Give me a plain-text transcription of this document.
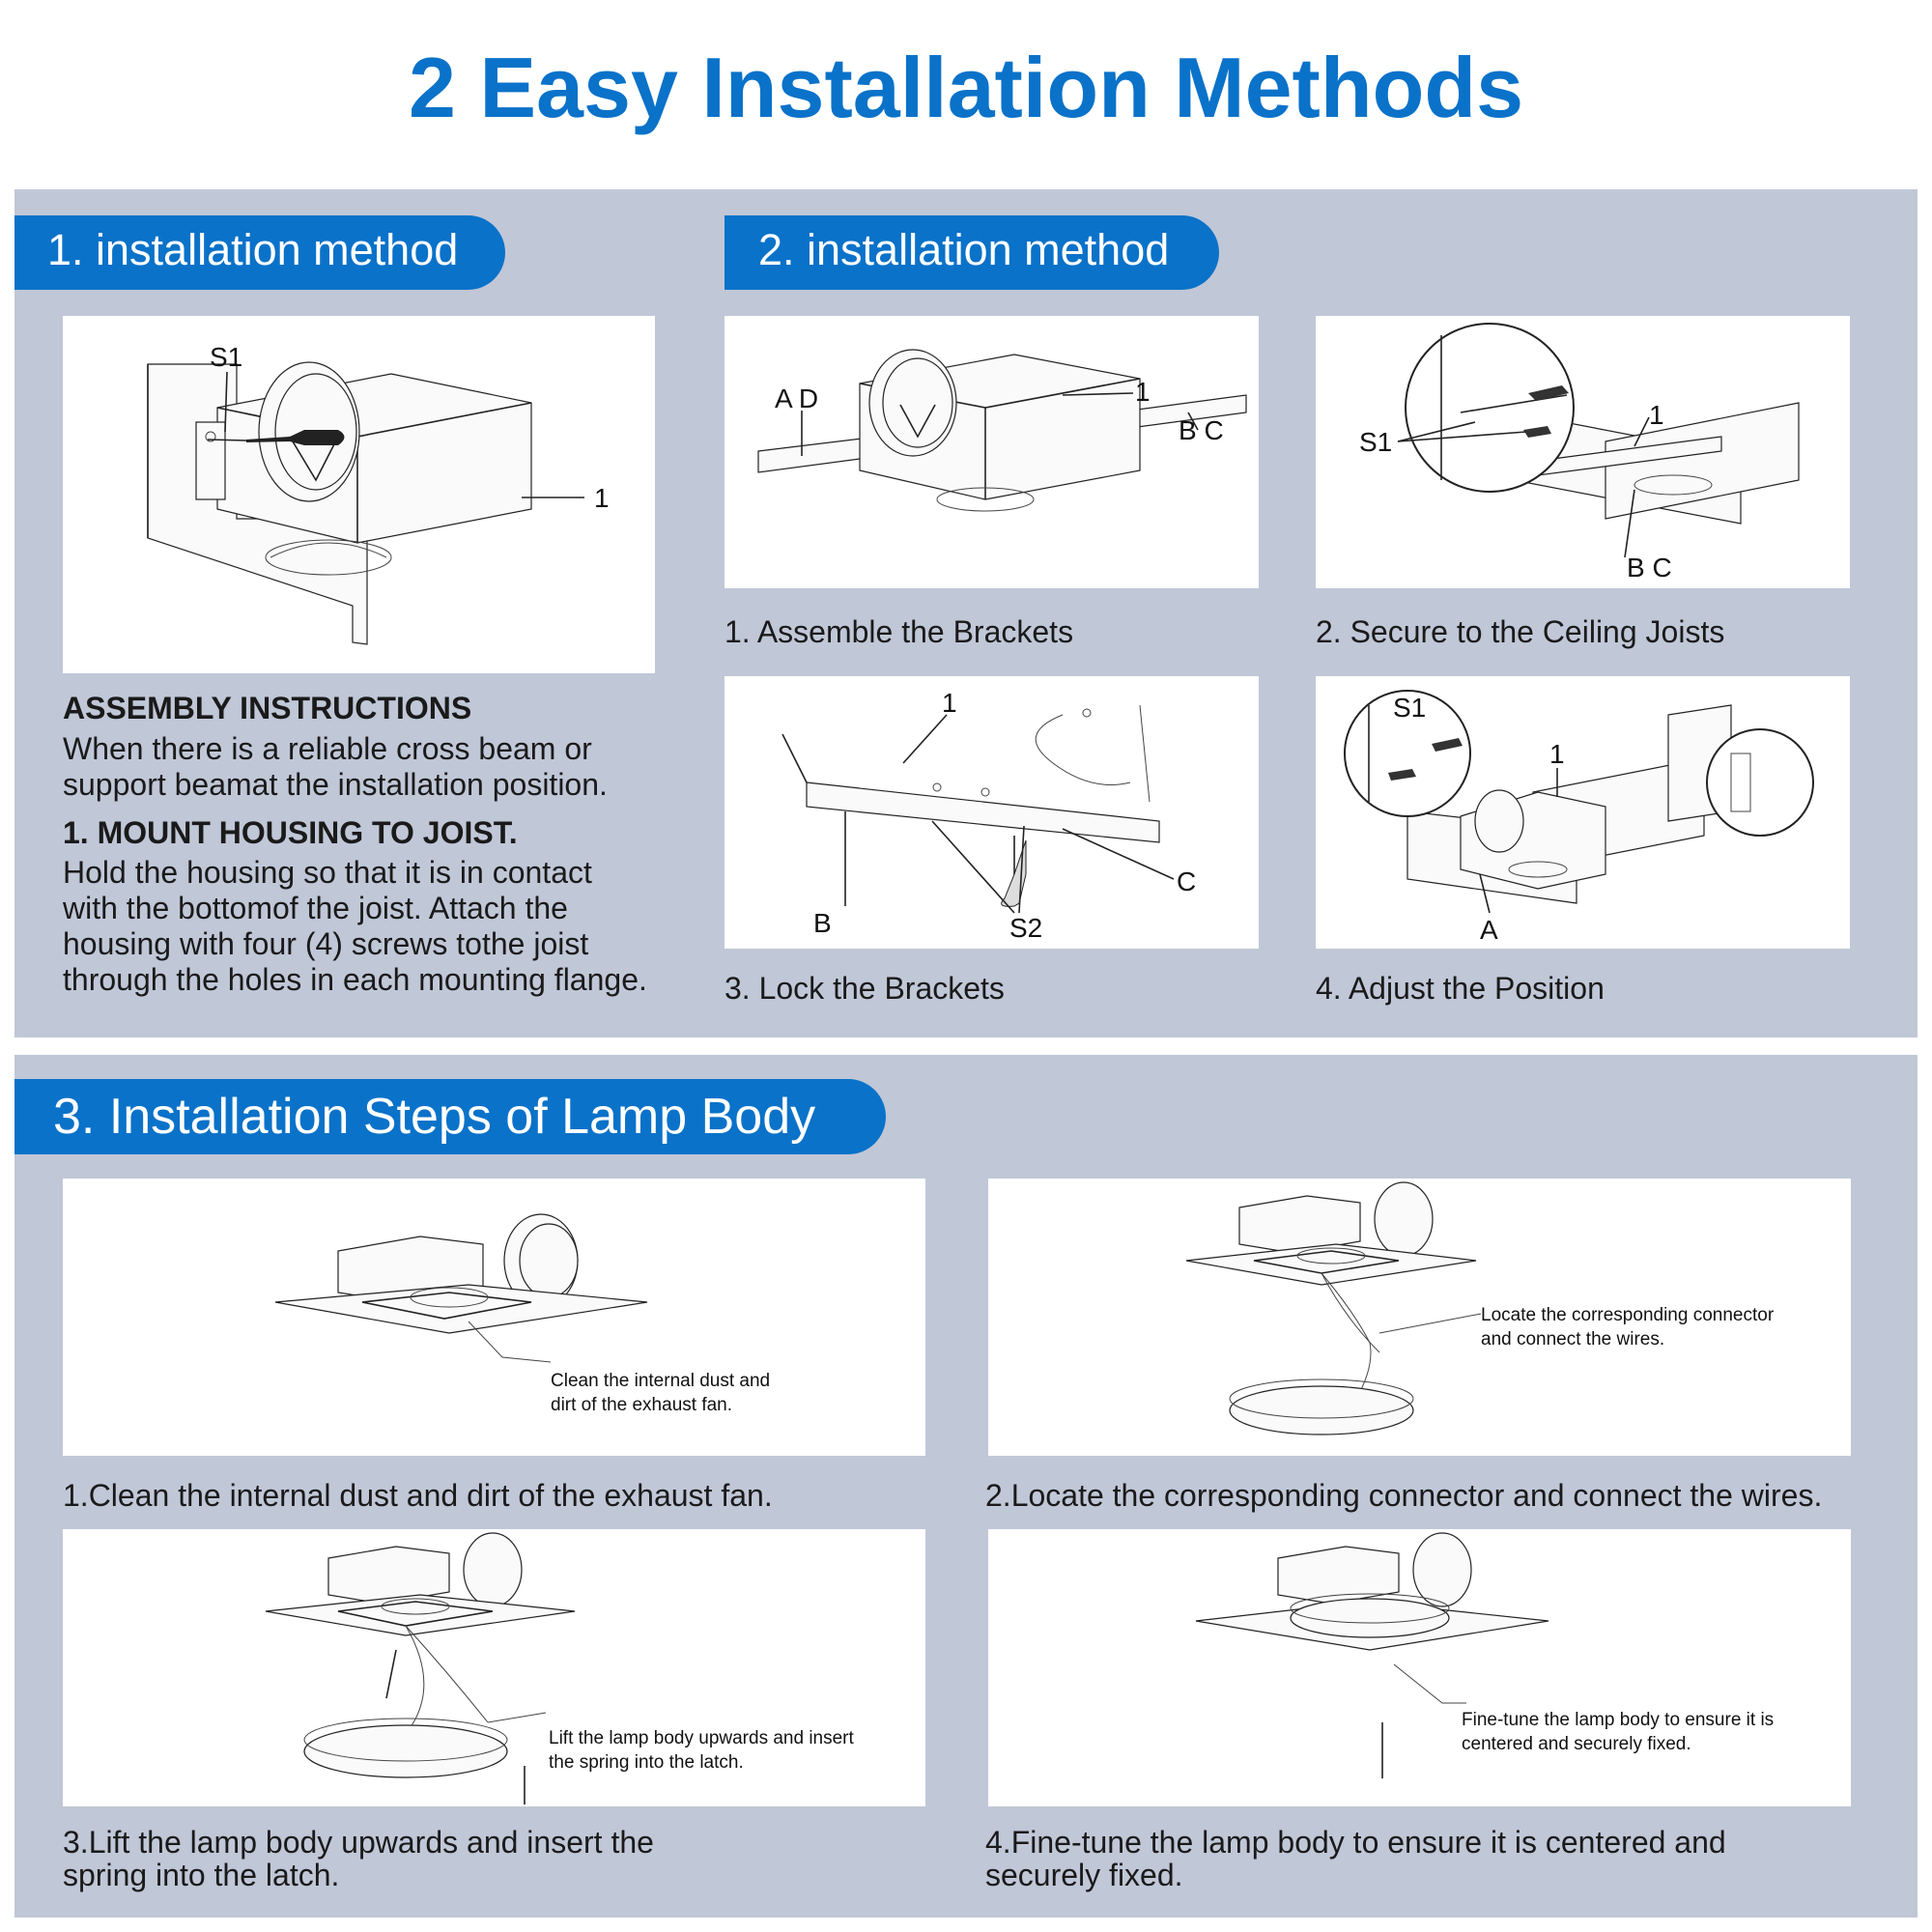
2 Easy Installation Methods
1. installation method	2. installation method
S1
1
ASSEMBLY INSTRUCTIONS
When there is a reliable cross beam or
support beamat the installation position.
1. MOUNT HOUSING TO JOIST.
Hold the housing so that it is in contact
with the bottomof the joist. Attach the
housing with four (4) screws tothe joist
through the holes in each mounting flange.
A D	1
B C
1. Assemble the Brackets
S1
1
B C
2. Secure to the Ceiling Joists
1
B	S2
C
3. Lock the Brackets
S1
1
A
4. Adjust the Position
3. Installation Steps of Lamp Body
Clean the internal dust and
dirt of the exhaust fan.
1.Clean the internal dust and dirt of the exhaust fan.
Locate the corresponding connector
and connect the wires.
2.Locate the corresponding connector and connect the wires.
Lift the lamp body upwards and insert
the spring into the latch.
3.Lift the lamp body upwards and insert the
spring into the latch.
Fine-tune the lamp body to ensure it is
centered and securely fixed.
4.Fine-tune the lamp body to ensure it is centered and
securely fixed.
